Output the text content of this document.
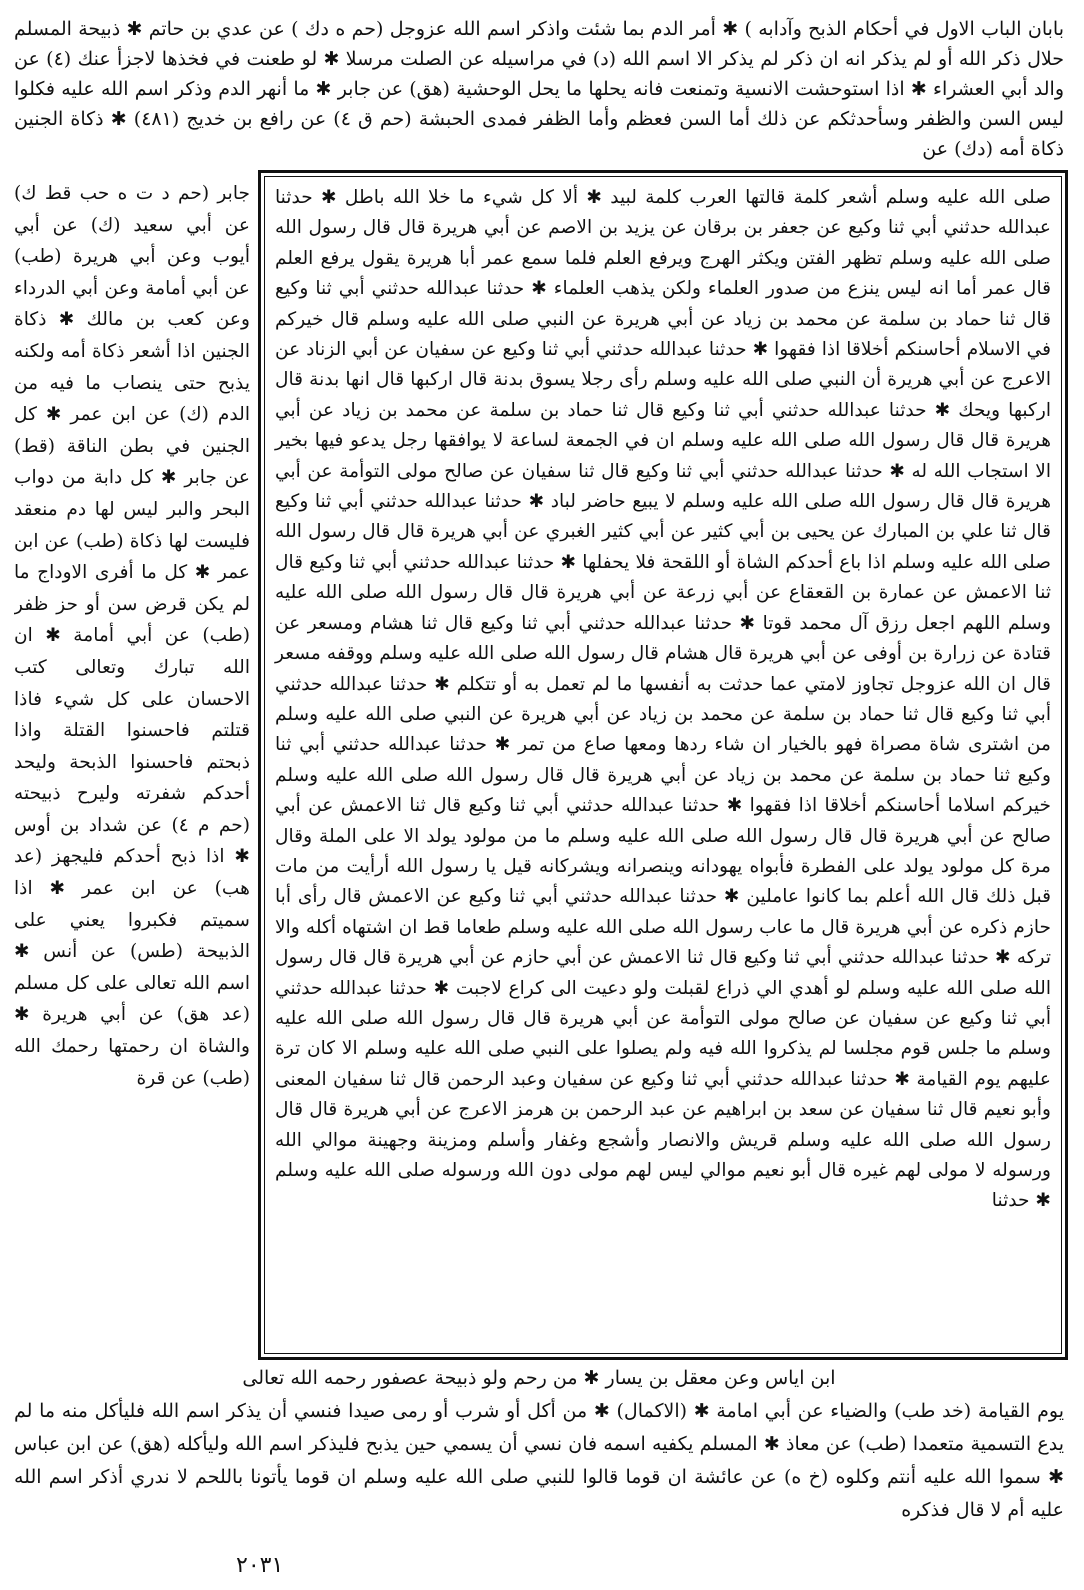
بابان الباب الاول في أحكام الذبح وآدابه ) ✱ أمر الدم بما شئت واذكر اسم الله عزوجل (حم ه دك ) عن عدي بن حاتم ✱ ذبيحة المسلم حلال ذكر الله أو لم يذكر انه ان ذكر لم يذكر الا اسم الله (د) في مراسيله عن الصلت مرسلا ✱ لو طعنت في فخذها لاجزأ عنك (٤) عن والد أبي العشراء ✱ اذا استوحشت الانسية وتمنعت فانه يحلها ما يحل الوحشية (هق) عن جابر ✱ ما أنهر الدم وذكر اسم الله عليه فكلوا ليس السن والظفر وسأحدثكم عن ذلك أما السن فعظم وأما الظفر فمدى الحبشة (حم ق ٤) عن رافع بن خديج (٤٨١) ✱ ذكاة الجنين ذكاة أمه (دك) عن

صلى الله عليه وسلم أشعر كلمة قالتها العرب كلمة لبيد ✱ ألا كل شيء ما خلا الله باطل ✱ حدثنا عبدالله حدثني أبي ثنا وكيع عن جعفر بن برقان عن يزيد بن الاصم عن أبي هريرة قال قال رسول الله صلى الله عليه وسلم تظهر الفتن ويكثر الهرج ويرفع العلم فلما سمع عمر أبا هريرة يقول يرفع العلم قال عمر أما انه ليس ينزع من صدور العلماء ولكن يذهب العلماء ✱ حدثنا عبدالله حدثني أبي ثنا وكيع قال ثنا حماد بن سلمة عن محمد بن زياد عن أبي هريرة عن النبي صلى الله عليه وسلم قال خيركم في الاسلام أحاسنكم أخلاقا اذا فقهوا ✱ حدثنا عبدالله حدثني أبي ثنا وكيع عن سفيان عن أبي الزناد عن الاعرج عن أبي هريرة أن النبي صلى الله عليه وسلم رأى رجلا يسوق بدنة قال اركبها قال انها بدنة قال اركبها ويحك ✱ حدثنا عبدالله حدثني أبي ثنا وكيع قال ثنا حماد بن سلمة عن محمد بن زياد عن أبي هريرة قال قال رسول الله صلى الله عليه وسلم ان في الجمعة لساعة لا يوافقها رجل يدعو فيها بخير الا استجاب الله له ✱ حدثنا عبدالله حدثني أبي ثنا وكيع قال ثنا سفيان عن صالح مولى التوأمة عن أبي هريرة قال قال رسول الله صلى الله عليه وسلم لا يبيع حاضر لباد ✱ حدثنا عبدالله حدثني أبي ثنا وكيع قال ثنا علي بن المبارك عن يحيى بن أبي كثير عن أبي كثير الغبري عن أبي هريرة قال قال رسول الله صلى الله عليه وسلم اذا باع أحدكم الشاة أو اللقحة فلا يحفلها ✱ حدثنا عبدالله حدثني أبي ثنا وكيع قال ثنا الاعمش عن عمارة بن القعقاع عن أبي زرعة عن أبي هريرة قال قال رسول الله صلى الله عليه وسلم اللهم اجعل رزق آل محمد قوتا ✱ حدثنا عبدالله حدثني أبي ثنا وكيع قال ثنا هشام ومسعر عن قتادة عن زرارة بن أوفى عن أبي هريرة قال هشام قال رسول الله صلى الله عليه وسلم ووقفه مسعر قال ان الله عزوجل تجاوز لامتي عما حدثت به أنفسها ما لم تعمل به أو تتكلم ✱ حدثنا عبدالله حدثني أبي ثنا وكيع قال ثنا حماد بن سلمة عن محمد بن زياد عن أبي هريرة عن النبي صلى الله عليه وسلم من اشترى شاة مصراة فهو بالخيار ان شاء ردها ومعها صاع من تمر ✱ حدثنا عبدالله حدثني أبي ثنا وكيع ثنا حماد بن سلمة عن محمد بن زياد عن أبي هريرة قال قال رسول الله صلى الله عليه وسلم خيركم اسلاما أحاسنكم أخلاقا اذا فقهوا ✱ حدثنا عبدالله حدثني أبي ثنا وكيع قال ثنا الاعمش عن أبي صالح عن أبي هريرة قال قال رسول الله صلى الله عليه وسلم ما من مولود يولد الا على الملة وقال مرة كل مولود يولد على الفطرة فأبواه يهودانه وينصرانه ويشركانه قيل يا رسول الله أرأيت من مات قبل ذلك قال الله أعلم بما كانوا عاملين ✱ حدثنا عبدالله حدثني أبي ثنا وكيع عن الاعمش قال رأى أبا حازم ذكره عن أبي هريرة قال ما عاب رسول الله صلى الله عليه وسلم طعاما قط ان اشتهاه أكله والا تركه ✱ حدثنا عبدالله حدثني أبي ثنا وكيع قال ثنا الاعمش عن أبي حازم عن أبي هريرة قال قال رسول الله صلى الله عليه وسلم لو أهدي الي ذراع لقبلت ولو دعيت الى كراع لاجبت ✱ حدثنا عبدالله حدثني أبي ثنا وكيع عن سفيان عن صالح مولى التوأمة عن أبي هريرة قال قال رسول الله صلى الله عليه وسلم ما جلس قوم مجلسا لم يذكروا الله فيه ولم يصلوا على النبي صلى الله عليه وسلم الا كان ترة عليهم يوم القيامة ✱ حدثنا عبدالله حدثني أبي ثنا وكيع عن سفيان وعبد الرحمن قال ثنا سفيان المعنى وأبو نعيم قال ثنا سفيان عن سعد بن ابراهيم عن عبد الرحمن بن هرمز الاعرج عن أبي هريرة قال قال رسول الله صلى الله عليه وسلم قريش والانصار وأشجع وغفار وأسلم ومزينة وجهينة موالي الله ورسوله لا مولى لهم غيره قال أبو نعيم موالي ليس لهم مولى دون الله ورسوله صلى الله عليه وسلم ✱ حدثنا

جابر (حم د ت ه حب قط ك) عن أبي سعيد (ك) عن أبي أيوب وعن أبي هريرة (طب) عن أبي أمامة وعن أبي الدرداء وعن كعب بن مالك ✱ ذكاة الجنين اذا أشعر ذكاة أمه ولكنه يذبح حتى ينصاب ما فيه من الدم (ك) عن ابن عمر ✱ كل الجنين في بطن الناقة (قط) عن جابر ✱ كل دابة من دواب البحر والبر ليس لها دم منعقد فليست لها ذكاة (طب) عن ابن عمر ✱ كل ما أفرى الاوداج ما لم يكن قرض سن أو حز ظفر (طب) عن أبي أمامة ✱ ان الله تبارك وتعالى كتب الاحسان على كل شيء فاذا قتلتم فاحسنوا القتلة واذا ذبحتم فاحسنوا الذبحة وليحد أحدكم شفرته وليرح ذبيحته (حم م ٤) عن شداد بن أوس ✱ اذا ذبح أحدكم فليجهز (عد هب) عن ابن عمر ✱ اذا سميتم فكبروا يعني على الذبيحة (طس) عن أنس ✱ اسم الله تعالى على كل مسلم (عد هق) عن أبي هريرة ✱ والشاة ان رحمتها رحمك الله (طب) عن قرة

ابن اياس وعن معقل بن يسار ✱ من رحم ولو ذبيحة عصفور رحمه الله تعالى

يوم القيامة (خد طب) والضياء عن أبي امامة ✱ (الاكمال) ✱ من أكل أو شرب أو رمى صيدا فنسي أن يذكر اسم الله فليأكل منه ما لم يدع التسمية متعمدا (طب) عن معاذ ✱ المسلم يكفيه اسمه فان نسي أن يسمي حين يذبح فليذكر اسم الله وليأكله (هق) عن ابن عباس ✱ سموا الله عليه أنتم وكلوه (خ ه) عن عائشة ان قوما قالوا للنبي صلى الله عليه وسلم ان قوما يأتونا باللحم لا ندري أذكر اسم الله عليه أم لا قال فذكره

٢٠٣١
